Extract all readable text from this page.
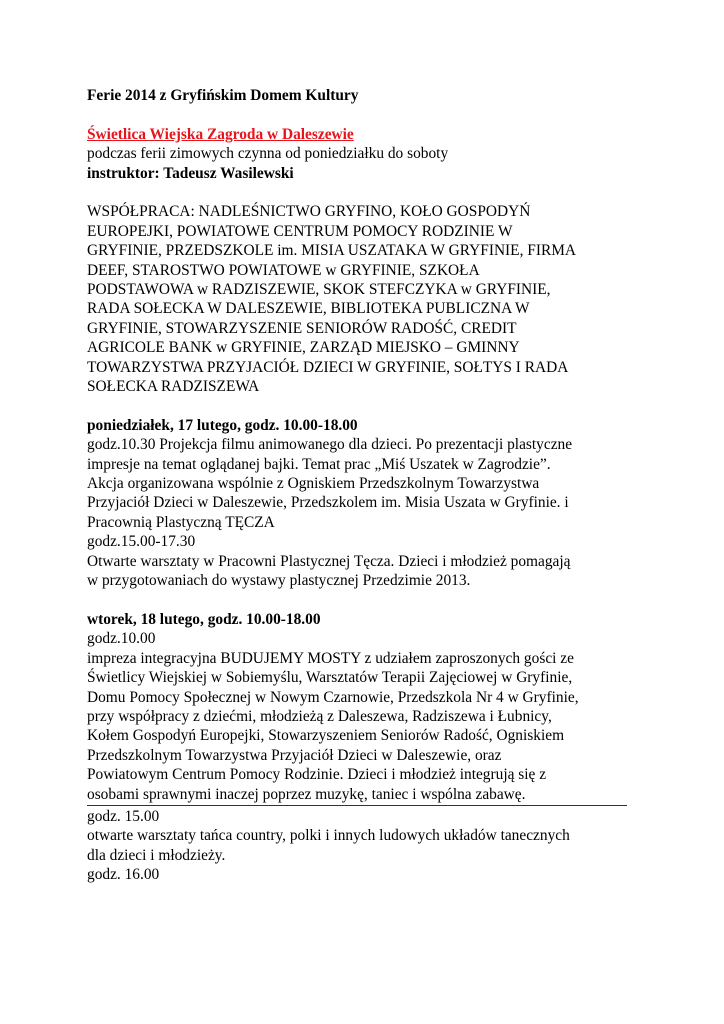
Ferie 2014 z Gryfińskim Domem Kultury
Świetlica Wiejska Zagroda w Daleszewie
podczas ferii zimowych czynna od poniedziałku do soboty
instruktor: Tadeusz Wasilewski
WSPÓŁPRACA: NADLEŚNICTWO GRYFINO, KOŁO GOSPODYŃ
EUROPEJKI, POWIATOWE CENTRUM POMOCY RODZINIE W
GRYFINIE, PRZEDSZKOLE im. MISIA USZATAKA W GRYFINIE, FIRMA
DEEF, STAROSTWO POWIATOWE w GRYFINIE, SZKOŁA
PODSTAWOWA w RADZISZEWIE, SKOK STEFCZYKA w GRYFINIE,
RADA SOŁECKA W DALESZEWIE, BIBLIOTEKA PUBLICZNA W
GRYFINIE, STOWARZYSZENIE SENIORÓW RADOŚĆ, CREDIT
AGRICOLE BANK w GRYFINIE, ZARZĄD MIEJSKO – GMINNY
TOWARZYSTWA PRZYJACIÓŁ DZIECI W GRYFINIE, SOŁTYS I RADA
SOŁECKA RADZISZEWA
poniedziałek, 17 lutego, godz. 10.00-18.00
godz.10.30 Projekcja filmu animowanego dla dzieci. Po prezentacji plastyczne
impresje na temat oglądanej bajki. Temat prac „Miś Uszatek w Zagrodzie”.
Akcja organizowana wspólnie z Ogniskiem Przedszkolnym Towarzystwa
Przyjaciół Dzieci w Daleszewie, Przedszkolem im. Misia Uszata w Gryfinie. i
Pracownią Plastyczną TĘCZA
godz.15.00-17.30
Otwarte warsztaty w Pracowni Plastycznej Tęcza. Dzieci i młodzież pomagają
w przygotowaniach do wystawy plastycznej Przedzimie 2013.
wtorek, 18 lutego, godz. 10.00-18.00
godz.10.00
impreza integracyjna BUDUJEMY MOSTY z udziałem zaproszonych gości ze
Świetlicy Wiejskiej w Sobiemyślu, Warsztatów Terapii Zajęciowej w Gryfinie,
Domu Pomocy Społecznej w Nowym Czarnowie, Przedszkola Nr 4 w Gryfinie,
przy współpracy z dziećmi, młodzieżą z Daleszewa, Radziszewa i Łubnicy,
Kołem Gospodyń Europejki, Stowarzyszeniem Seniorów Radość, Ogniskiem
Przedszkolnym Towarzystwa Przyjaciół Dzieci w Daleszewie, oraz
Powiatowym Centrum Pomocy Rodzinie. Dzieci i młodzież integrują się z
osobami sprawnymi inaczej poprzez muzykę, taniec i wspólna zabawę.
godz. 15.00
otwarte warsztaty tańca country, polki i innych ludowych układów tanecznych
dla dzieci i młodzieży.
godz. 16.00
